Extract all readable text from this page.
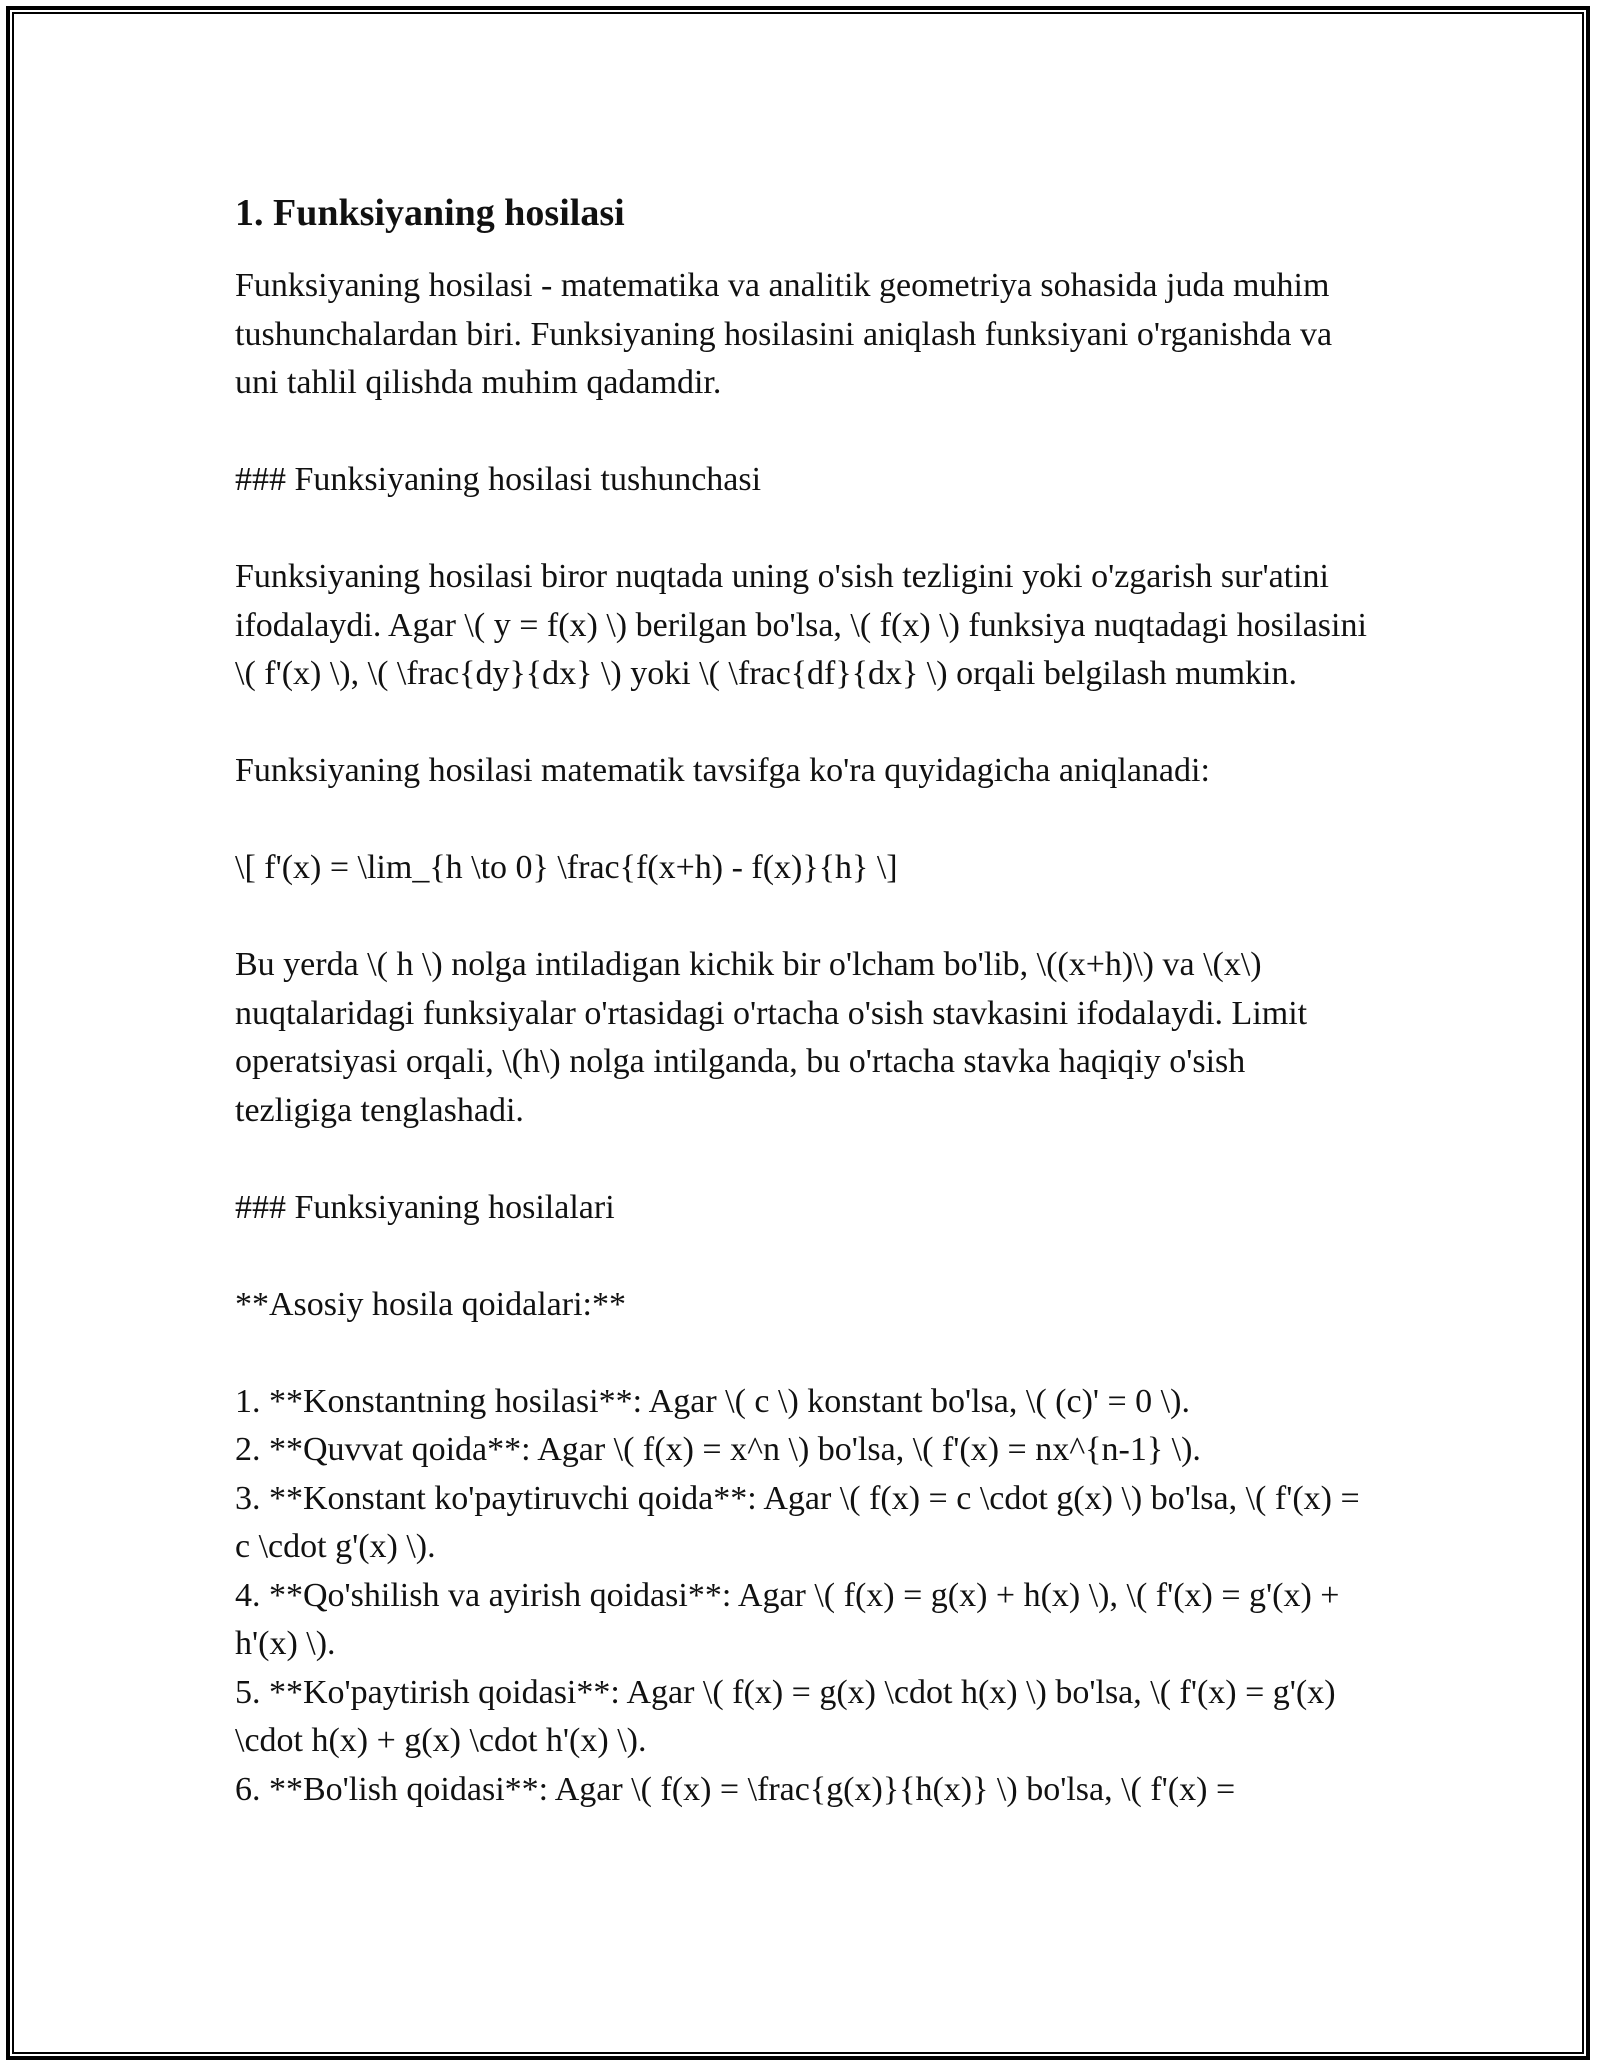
1. Funksiyaning hosilasi

Funksiyaning hosilasi - matematika va analitik geometriya sohasida juda muhim tushunchalardan biri. Funksiyaning hosilasini aniqlash funksiyani o'rganishda va uni tahlil qilishda muhim qadamdir.

### Funksiyaning hosilasi tushunchasi

Funksiyaning hosilasi biror nuqtada uning o'sish tezligini yoki o'zgarish sur'atini ifodalaydi. Agar \( y = f(x) \) berilgan bo'lsa, \( f(x) \) funksiya nuqtadagi hosilasini \( f'(x) \), \( \frac{dy}{dx} \) yoki \( \frac{df}{dx} \) orqali belgilash mumkin.

Funksiyaning hosilasi matematik tavsifga ko'ra quyidagicha aniqlanadi:

\[ f'(x) = \lim_{h \to 0} \frac{f(x+h) - f(x)}{h} \]

Bu yerda \( h \) nolga intiladigan kichik bir o'lcham bo'lib, \((x+h)\) va \(x\) nuqtalaridagi funksiyalar o'rtasidagi o'rtacha o'sish stavkasini ifodalaydi. Limit operatsiyasi orqali, \(h\) nolga intilganda, bu o'rtacha stavka haqiqiy o'sish tezligiga tenglashadi.

### Funksiyaning hosilalari

**Asosiy hosila qoidalari:**

1. **Konstantning hosilasi**: Agar \( c \) konstant bo'lsa, \( (c)' = 0 \).
2. **Quvvat qoida**: Agar \( f(x) = x^n \) bo'lsa, \( f'(x) = nx^{n-1} \).
3. **Konstant ko'paytiruvchi qoida**: Agar \( f(x) = c \cdot g(x) \) bo'lsa, \( f'(x) = c \cdot g'(x) \).
4. **Qo'shilish va ayirish qoidasi**: Agar \( f(x) = g(x) + h(x) \), \( f'(x) = g'(x) + h'(x) \).
5. **Ko'paytirish qoidasi**: Agar \( f(x) = g(x) \cdot h(x) \) bo'lsa, \( f'(x) = g'(x) \cdot h(x) + g(x) \cdot h'(x) \).
6. **Bo'lish qoidasi**: Agar \( f(x) = \frac{g(x)}{h(x)} \) bo'lsa, \( f'(x) =
